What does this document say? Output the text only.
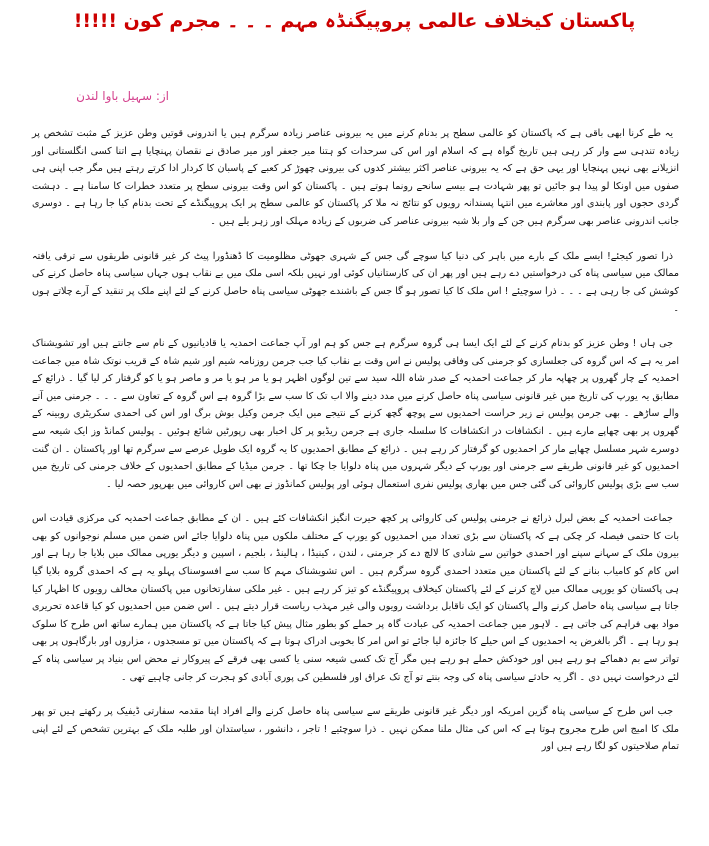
پاکستان کیخلاف عالمی پروپیگنڈہ مہم ۔ ۔ ۔ مجرم کون !!!!!
از: سہیل باوا لندن

یہ طے کرنا ابھی باقی ہے کہ پاکستان کو عالمی سطح پر بدنام کرنے میں یہ بیرونی عناصر زیادہ سرگرم ہیں یا اندرونی قوتیں وطن عزیز کے مثبت تشخص پر زیادہ تندہی سے وار کر رہی ہیں تاریخ گواہ ہے کہ اسلام اور اس کی سرحدات کو ہتنا میر جعفر اور میر صادق نے نقصان پہنچایا ہے اتنا کسی انگلستانی اور انزیلانے بھی نہیں پہنچایا اور یہی حق ہے کہ یہ بیرونی عناصر اکثر بیشتر کدوں کی بیرونی چھوڑ کر کعبے کے پاسبان کا کردار ادا کرتے رہتے ہیں مگر جب اپنی ہی صفوں میں اونکا لو پیدا ہو جائیں تو پھر شہادت ہے بیسے سانحے رونما ہوتے ہیں ۔ پاکستان کو اس وقت بیرونی سطح پر متعدد خطرات کا سامنا ہے ۔ دہشت گردی حجوں اور پابندی اور معاشرے میں انتہا پسندانہ رویوں کو نتائج نہ ملا کر پاکستان کو عالمی سطح پر ایک پروپیگنڈے کے تحت بدنام کیا جا رہا ہے ۔ دوسری جانب اندرونی عناصر بھی سرگرم ہیں جن کے وار بلا شبہ بیرونی عناصر کی ضربوں کے زیادہ مہلک اور زہر یلے ہیں ۔

ذرا تصور کیجئے! ایسے ملک کے بارے میں باہر کی دنیا کیا سوچے گی جس کے شہری جھوٹی مظلومیت کا ڈھنڈورا پیٹ کر غیر قانونی طریقوں سے ترقی یافتہ ممالک میں سیاسی پناہ کی درخواستیں دے رہے ہیں اور پھر ان کی کارستانیاں کوئی اور نہیں بلکہ اسی ملک میں بے نقاب ہوں جہاں سیاسی پناہ حاصل کرنے کی کوشش کی جا رہی ہے ۔ ۔ ۔ ذرا سوچیئے ! اس ملک کا کیا تصور ہو گا جس کے باشندے جھوٹی سیاسی پناہ حاصل کرنے کے لئے اپنے ملک پر تنقید کے آرے چلاتے ہوں ۔

جی ہاں ! وطن عزیز کو بدنام کرنے کے لئے ایک ایسا ہی گروہ سرگرم ہے جس کو ہم اور آپ جماعت احمدیہ یا قادیانیوں کے نام سے جانتے ہیں اور تشویشناک امر یہ ہے کہ اس گروہ کی جعلسازی کو جرمنی کی وفاقی پولیس نے اس وقت بے نقاب کیا جب جرمن روزنامہ شیم اور شیم شاہ کے قریب نوتک شاہ میں جماعت احمدیہ کے چار گھروں پر چھاپہ مار کر جماعت احمدیہ کے صدر شاہ اللہ سید سے تین لوگوں اظہر ہو یا مر ہو یا مر و ماصر ہو یا کو گرفتار کر لیا گیا ۔ ذرائع کے مطابق یہ یورپ کی تاریخ میں غیر قانونی سیاسی پناہ حاصل کرنے میں مدد دینے والا اب تک کا سب سے بڑا گروہ ہے اس گروہ کے تعاون سے ۔ ۔ ۔ جرمنی میں آنے والے ساڑھے ۔ بھی جرمن پولیس نے زیر حراست احمدیوں سے پوچھ گچھ کرنے کے نتیجے میں ایک جرمن وکیل بوش برگ اور اس کی احمدی سکریٹری روبینہ کے گھروں پر بھی چھاپے مارے ہیں ۔ انکشافات در انکشافات کا سلسلہ جاری ہے جرمن ریڈیو پر کل اخبار بھی رپورٹیں شائع ہوئیں ۔ پولیس کمانڈ وز ایک شیعہ سے دوسرے شہر مسلسل چھاپے مار کر احمدیوں کو گرفتار کر رہے ہیں ۔ ذرائع کے مطابق احمدیوں کا یہ گروہ ایک طویل عرصے سے سرگرم تھا اور پاکستان ۔ ان گنت احمدیوں کو غیر قانونی طریقے سے جرمنی اور یورپ کے دیگر شہروں میں پناہ دلوایا جا چکا تھا ۔ جرمن میڈیا کے مطابق احمدیوں کے خلاف جرمنی کی تاریخ میں سب سے بڑی پولیس کاروائی کی گئی جس میں بھاری پولیس نفری استعمال ہوئی اور پولیس کمانڈوز نے بھی اس کاروائی میں بھرپور حصہ لیا ۔

جماعت احمدیہ کے بعض لبرل ذرائع نے جرمنی پولیس کی کاروائی پر کچھ حیرت انگیز انکشافات کئے ہیں ۔ ان کے مطابق جماعت احمدیہ کی مرکزی قیادت اس بات کا حتمی فیصلہ کر چکی ہے کہ پاکستان سے بڑی تعداد میں احمدیوں کو یورپ کے مختلف ملکوں میں پناہ دلوایا جائے اس ضمن میں مسلم نوجوانوں کو بھی بیرون ملک کے سہانے سپنے اور احمدی خواتین سے شادی کا لالچ دے کر جرمنی ، لندن ، کینیڈا ، ہالینڈ ، بلجیم ، اسپین و دیگر یورپی ممالک میں بلایا جا رہا ہے اور اس کام کو کامیاب بنانے کے لئے پاکستان میں متعدد احمدی گروہ سرگرم ہیں ۔ اس تشویشناک مہم کا سب سے افسوسناک پہلو یہ ہے کہ احمدی گروہ بلایا گیا ہی پاکستان کو یورپی ممالک میں لاچ کرنے کے لئے پاکستان کیخلاف پروپیگنڈے کو تیز کر رہے ہیں ۔ غیر ملکی سفارتخانوں میں پاکستان مخالف رویوں کا اظہار کیا جاتا ہے سیاسی پناہ حاصل کرنے والے پاکستان کو ایک ناقابل برداشت رویوں والی غیر مہذب ریاست قرار دیتے ہیں ۔ اس ضمن میں احمدیوں کو کیا قاعدہ تحریری مواد بھی فراہم کی جاتی ہے ۔ لاہور میں جماعت احمدیہ کی عبادت گاہ پر حملے کو بطور مثال پیش کیا جاتا ہے کہ پاکستان میں ہمارے ساتھ اس طرح کا سلوک ہو رہا ہے ۔ اگر بالغرض یہ احمدیوں کے اس حیلے کا جائزہ لیا جائے تو اس امر کا بخوبی ادراک ہوتا ہے کہ پاکستان میں تو مسجدوں ، مزاروں اور بارگاہوں پر بھی تواتر سے بم دھماکے ہو رہے ہیں اور خودکش حملے ہو رہے ہیں مگر آج تک کسی شیعہ سنی یا کسی بھی فرقے کے پیروکار نے محض اس بنیاد پر سیاسی پناہ کے لئے درخواست نہیں دی ۔ اگر یہ حادثے سیاسی پناہ کی وجہ بنتے تو آج تک عراق اور فلسطین کی پوری آبادی کو ہجرت کر جانی چاہیے تھی ۔

جب اس طرح کے سیاسی پناہ گزین امریکہ اور دیگر غیر قانونی طریقے سے سیاسی پناہ حاصل کرنے والے افراد اپنا مقدمہ سفارتی ڈیفیک پر رکھتے ہیں تو پھر ملک کا امیج اس طرح مجروح ہوتا ہے کہ اس کی مثال ملنا ممکن نہیں ۔ ذرا سوچئیے ! تاجر ، دانشور ، سیاستدان اور طلبہ ملک کے بہترین تشخص کے لئے اپنی تمام صلاحیتوں کو لگا رہے ہیں اور
